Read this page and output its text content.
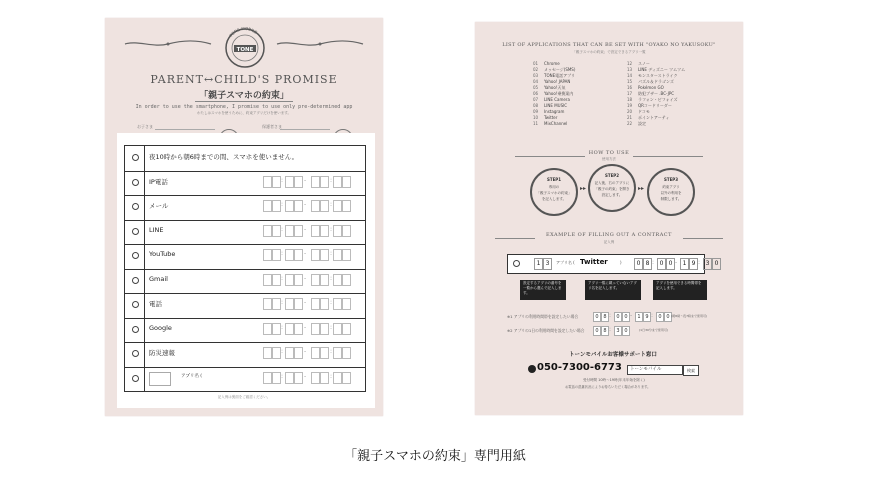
TONE MOBILE
TONE
PARENT↔CHILD'S PROMISE
「親子スマホの約束」
In order to use the smartphone, I promise to use only pre-determined app
わたしはスマホを使うために、約束アプリだけを使います。
お子さま	保護者さま
夜10時から朝6時までの間、スマホを使いません。
IP電話	:	-	:
メール	:	-	:
LINE	:	-	:
YouTube	:	-	:
Gmail	:	-	:
電話	:	-	:
Google	:	-	:
防災速報	:	-	:
アプリ名 (	:	-	:
記入例は裏面をご確認ください。
LIST OF APPLICATIONS THAT CAN BE SET WITH "OYAKO NO YAKUSOKU"
「親子スマホの約束」で設定できるアプリ一覧
01 Chrome
02 メッセージ(SMS)
03 TONE電話アプリ
04 Yahoo! JAPAN
05 Yahoo!天気
06 Yahoo!乗換案内
07 LINE Camera
08 LINE MUSIC
09 Instagram
10 Twitter
11 MixChannel
12 スノー
13 LINE ディズニー ツムツム
14 モンスターストライク
15 パズル＆ドラゴンズ
16 Pokémon GO
17 防犯ブザー .BC-JPC
18 ラフォン・ビフォイズ
19 QRコードリーダー
20 ドコモ
21 ポイントアーティ
22 設定
HOW TO USE
使用方法
STEP1
専用の
「親子スマホの約束」
を記入します。
▸▸
STEP2
記入後、右のアプリに
「親子の約束」を開き
設定します。
▸▸
STEP3
約束アプリ
以外の利用を
制限します。
EXAMPLE OF FILLING OUT A CONTRACT
記入例
1 3	アプリ名 ( Twitter	)	0 8 : 0 0 - 1 9 : 3 0
設定するアプリの番号を一覧から選んで記入します。
アプリ一覧に載っていないアプリ名を記入します。
アプリを使用できる時間帯を記入します。
※1 アプリの利用時間帯を設定したい場合	0 8 :	0 0 -	1 9 :	0 0 (朝8時〜夜7時まで使用可)
※2 アプリの1日の利用時間を設定したい場合	0 8 :	3 0	(1日30分まで使用可)
トーンモバイルお客様サポート窓口
050-7300-6773	トーンモバイル	検索
受付時間 10時〜19時(年末年始を除く)
お電話の混雑状況によりお待ちいただく場合があります。
「親子スマホの約束」専門用紙
